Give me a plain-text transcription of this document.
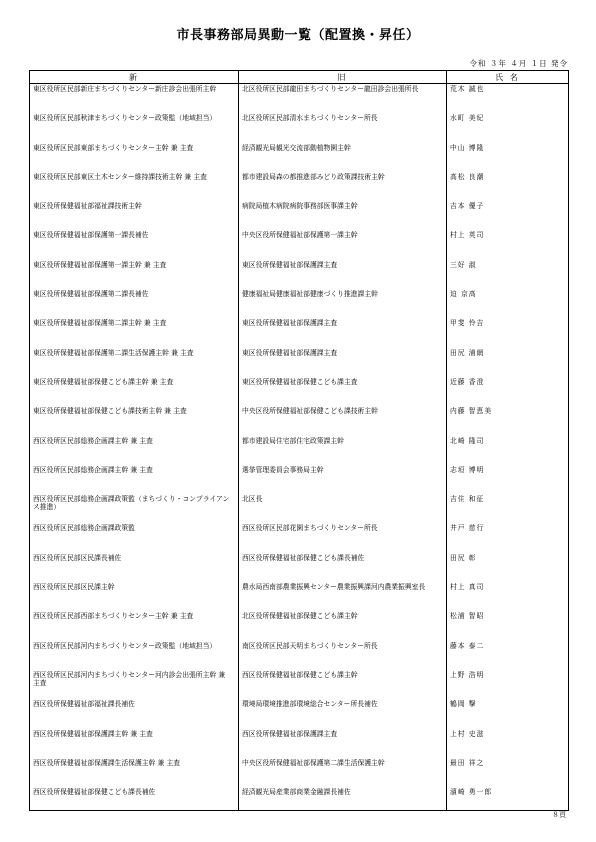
市長事務部局異動一覧（配置換・昇任）
令和 ３年 ４月 １日 発令
新	旧	氏 名
東区役所区民部新庄まちづくりセンター新庄診会出張所主幹	北区役所区民部龍田まちづくりセンター龍田診会出張所長	荒木 誠也
東区役所区民部秋津まちづくりセンター政策監（地域担当）	北区役所区民部清水まちづくりセンター所長	水町 美紀
東区役所区民部東部まちづくりセンター主幹 兼 主査	経済観光局観光交流部動植物園主幹	中山 博隆
東区役所区民部東区土木センター維持課技術主幹 兼 主査	都市建設局森の都推進部みどり政策課技術主幹	高松 良潮
東区役所保健福祉部福祉課技術主幹	病院局植木病院病院事務部医事課主幹	吉本 優子
東区役所保健福祉部保護第一課長補佐	中央区役所保健福祉部保護第一課主幹	村上 英司
東区役所保健福祉部保護第一課主幹 兼 主査	東区役所保健福祉部保護課主査	三好 淑
東区役所保健福祉部保護第二課長補佐	健康福祉局健康福祉部健康づくり推進課主幹	迫 京高
東区役所保健福祉部保護第二課主幹 兼 主査	東区役所保健福祉部保護課主査	甲斐 怜吉
東区役所保健福祉部保護第二課生活保護主幹 兼 主査	東区役所保健福祉部保護課主査	田尻 浦網
東区役所保健福祉部保健こども課主幹 兼 主査	東区役所保健福祉部保健こども課主査	近藤 香澄
東区役所保健福祉部保健こども課技術主幹 兼 主査	中央区役所保健福祉部保健こども課技術主幹	内藤 智恵美
西区役所区民部総務企画課主幹 兼 主査	都市建設局住宅部住宅政策課主幹	北崎 隆司
西区役所区民部総務企画課主幹 兼 主査	選挙管理委員会事務局主幹	志垣 博明
西区役所区民部総務企画課政策監（まちづくり・コンプライアンス推進）	北区長	吉住 和征
西区役所区民部総務企画課政策監	西区役所区民部花園まちづくりセンター所長	井戸 慈行
西区役所区民部区民課長補佐	西区役所保健福祉部保健こども課長補佐	田尻 彰
西区役所区民部区民課主幹	農水局西南部農業振興センター農業振興課河内農業振興室長	村上 真司
西区役所区民部西部まちづくりセンター主幹 兼 主査	北区役所保健福祉部保健こども課主幹	松浦 智昭
西区役所区民部河内まちづくりセンター政策監（地域担当）	南区役所区民部天明まちづくりセンター所長	藤本 泰二
西区役所区民部河内まちづくりセンター河内診会出張所主幹 兼 主査	西区役所保健福祉部保健こども課主幹	上野 浩明
西区役所保健福祉部福祉課長補佐	環境局環境推進部環境総合センター所長補佐	鶴岡 撃
西区役所保健福祉部保護課主幹 兼 主査	西区役所保健福祉部保護課主査	上村 史滋
西区役所保健福祉部保護課生活保護主幹 兼 主査	中央区役所保健福祉部保護第二課生活保護主幹	最田 祥之
西区役所保健福祉部保健こども課長補佐	経済観光局産業部商業金融課長補佐	濱崎 勇一郎
８頁
